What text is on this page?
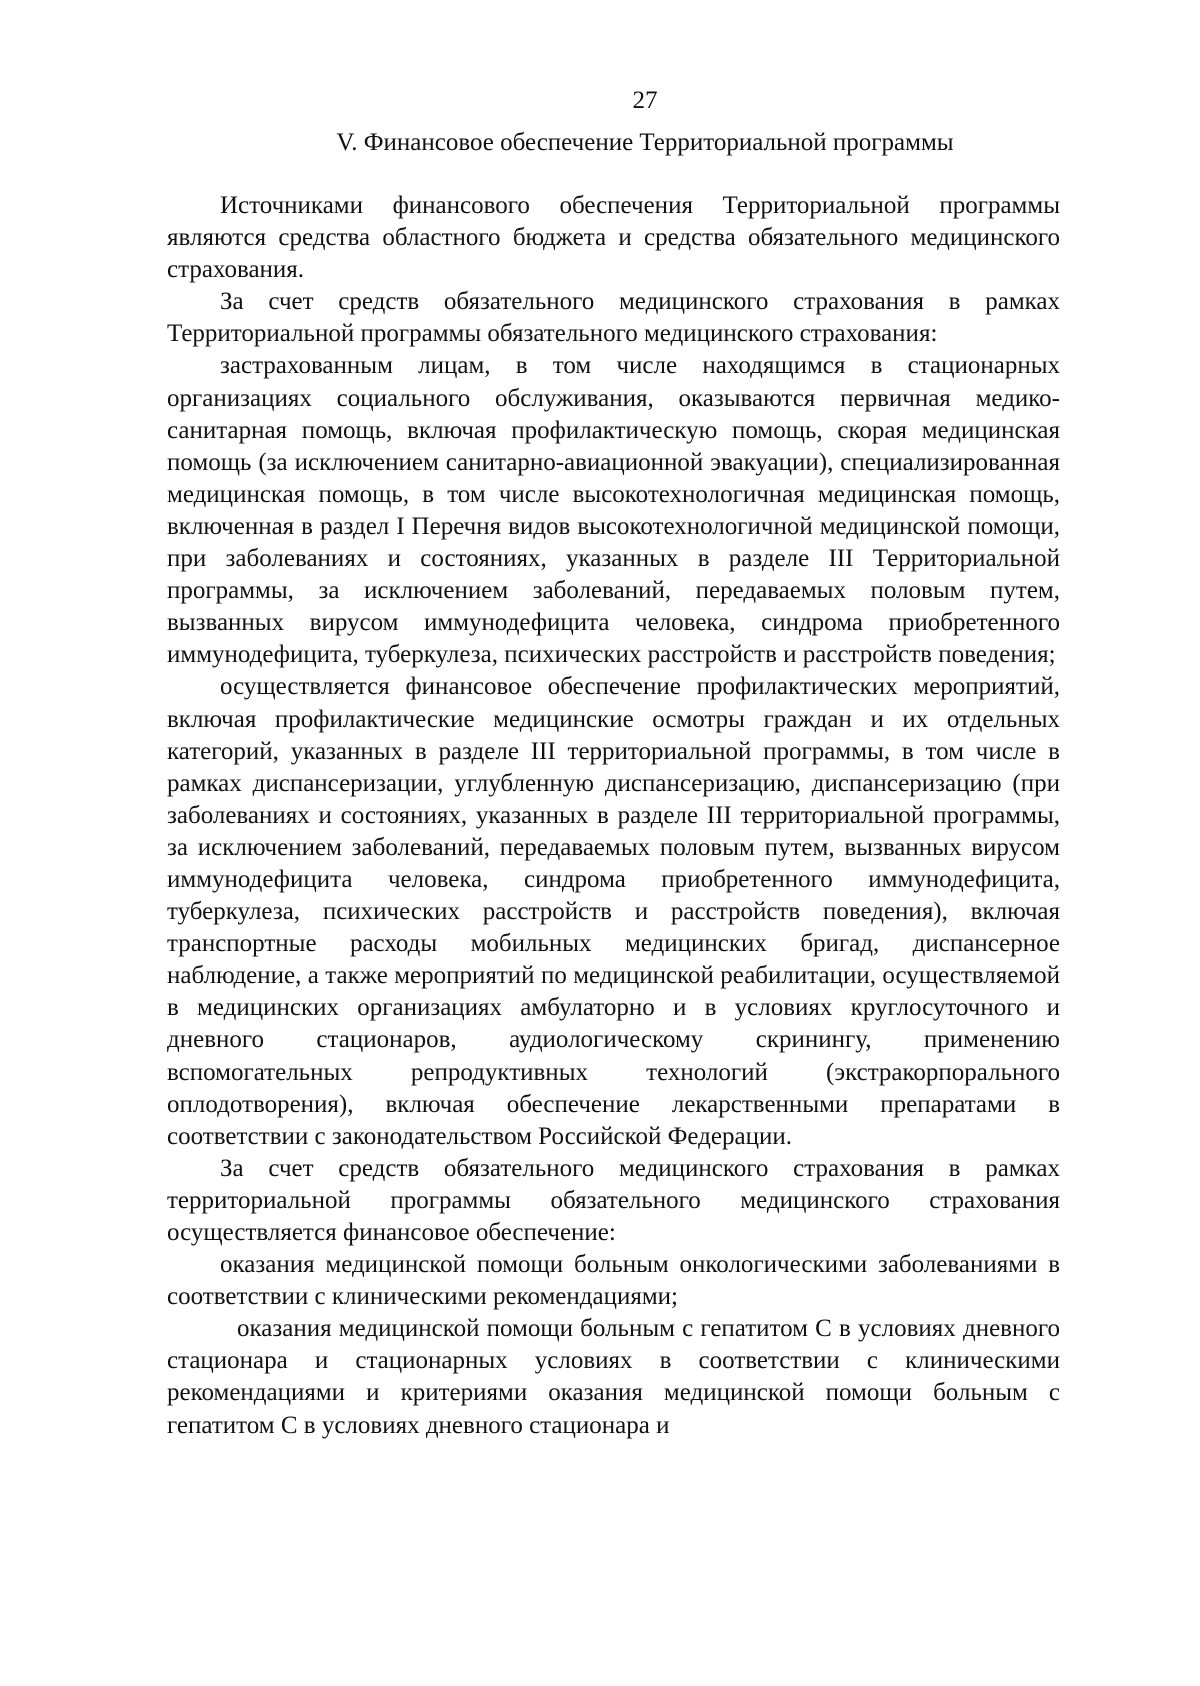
27
V. Финансовое обеспечение Территориальной программы

Источниками финансового обеспечения Территориальной программы являются средства областного бюджета и средства обязательного медицинского страхования.

За счет средств обязательного медицинского страхования в рамках Территориальной программы обязательного медицинского страхования:

застрахованным лицам, в том числе находящимся в стационарных организациях социального обслуживания, оказываются первичная медико-санитарная помощь, включая профилактическую помощь, скорая медицинская помощь (за исключением санитарно-авиационной эвакуации), специализированная медицинская помощь, в том числе высокотехнологичная медицинская помощь, включенная в раздел I Перечня видов высокотехнологичной медицинской помощи, при заболеваниях и состояниях, указанных в разделе III Территориальной программы, за исключением заболеваний, передаваемых половым путем, вызванных вирусом иммунодефицита человека, синдрома приобретенного иммунодефицита, туберкулеза, психических расстройств и расстройств поведения;

осуществляется финансовое обеспечение профилактических мероприятий, включая профилактические медицинские осмотры граждан и их отдельных категорий, указанных в разделе III территориальной программы, в том числе в рамках диспансеризации, углубленную диспансеризацию, диспансеризацию (при заболеваниях и состояниях, указанных в разделе III территориальной программы, за исключением заболеваний, передаваемых половым путем, вызванных вирусом иммунодефицита человека, синдрома приобретенного иммунодефицита, туберкулеза, психических расстройств и расстройств поведения), включая транспортные расходы мобильных медицинских бригад, диспансерное наблюдение, а также мероприятий по медицинской реабилитации, осуществляемой в медицинских организациях амбулаторно и в условиях круглосуточного и дневного стационаров, аудиологическому скринингу, применению вспомогательных репродуктивных технологий (экстракорпорального оплодотворения), включая обеспечение лекарственными препаратами в соответствии с законодательством Российской Федерации.

За счет средств обязательного медицинского страхования в рамках территориальной программы обязательного медицинского страхования осуществляется финансовое обеспечение:

оказания медицинской помощи больным онкологическими заболеваниями в соответствии с клиническими рекомендациями;

оказания медицинской помощи больным с гепатитом С в условиях дневного стационара и стационарных условиях в соответствии с клиническими рекомендациями и критериями оказания медицинской помощи больным с гепатитом С в условиях дневного стационара и
